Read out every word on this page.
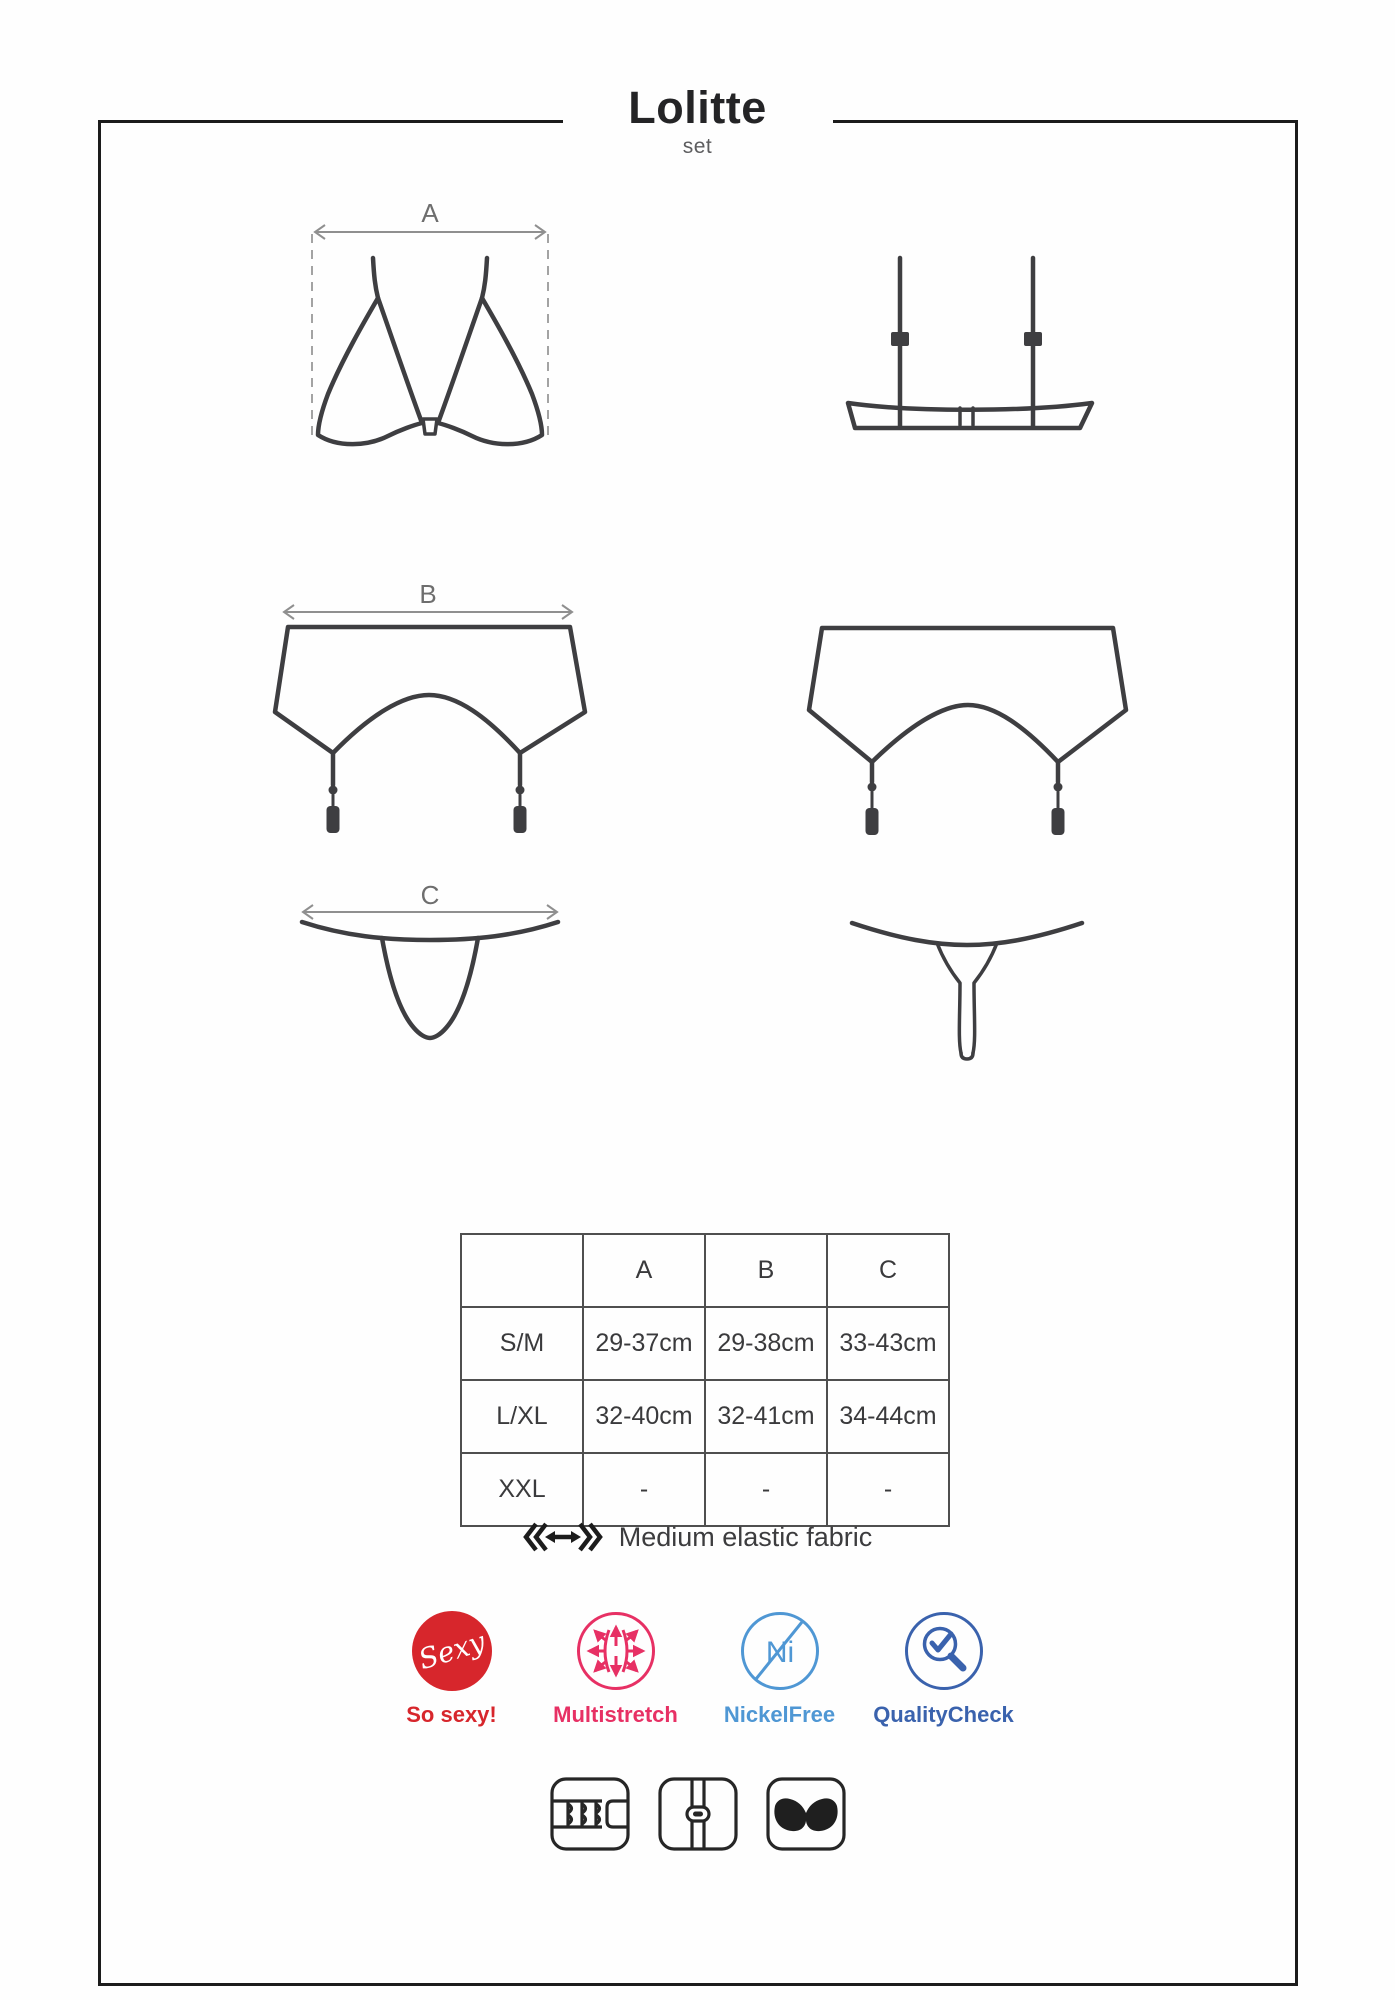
Lolitte
set
A
B
C
	A	B	C
S/M	29-37cm	29-38cm	33-43cm
L/XL	32-40cm	32-41cm	34-44cm
XXL	-	-	-
Medium elastic fabric
Sexy
So sexy!	Multistretch
Ni
NickelFree QualityCheck
